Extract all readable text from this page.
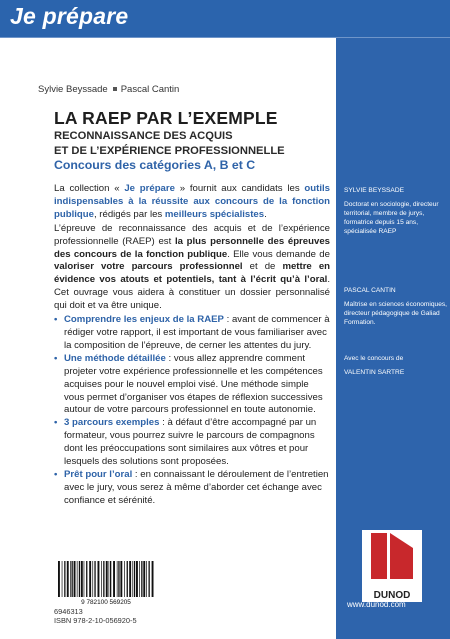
Je prépare
Sylvie Beyssade Pascal Cantin
LA RAEP PAR L’EXEMPLE
RECONNAISSANCE DES ACQUIS
ET DE L’EXPÉRIENCE PROFESSIONNELLE
Concours des catégories A, B et C

La collection « Je prépare » fournit aux candidats les outils indispensables à la réussite aux concours de la fonction publique, rédigés par les meilleurs spécialistes.

L’épreuve de reconnaissance des acquis et de l’expérience professionnelle (RAEP) est la plus personnelle des épreuves des concours de la fonction publique. Elle vous demande de valoriser votre parcours professionnel et de mettre en évidence vos atouts et potentiels, tant à l’écrit qu’à l’oral. Cet ouvrage vous aidera à constituer un dossier personnalisé qui doit et va être unique.

• Comprendre les enjeux de la RAEP : avant de commencer à rédiger votre rapport, il est important de vous familiariser avec la composition de l’épreuve, de cerner les attentes du jury.
• Une méthode détaillée : vous allez apprendre comment projeter votre expérience professionnelle et les compétences acquises pour le nouvel emploi visé. Une méthode simple vous permet d’organiser vos étapes de réflexion successives autour de votre parcours professionnel en toute autonomie.
• 3 parcours exemples : à défaut d’être accompagné par un formateur, vous pourrez suivre le parcours de compagnons dont les préoccupations sont similaires aux vôtres et pour lesquels des solutions sont proposées.
• Prêt pour l’oral : en connaissant le déroulement de l’entretien avec le jury, vous serez à même d’aborder cet échange avec confiance et sérénité.
SYLVIE BEYSSADE
Doctorat en sociologie, directeur territorial, membre de jurys, formatrice depuis 15 ans, spécialisée RAEP
PASCAL CANTIN
Maîtrise en sciences économiques, directeur pédagogique de Galiad Formation.
Avec le concours de
VALENTIN SARTRE
9 782100 569205
6946313
ISBN 978-2-10-056920-5
DUNOD
www.dunod.com
